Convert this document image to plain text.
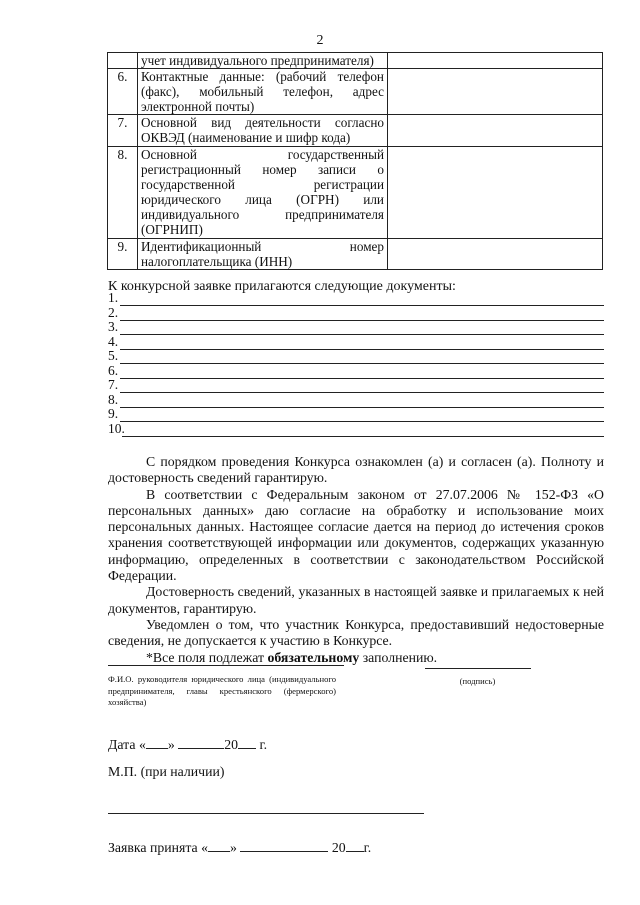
2
	учет индивидуального предпринимателя)	
6.	Контактные данные: (рабочий телефон (факс), мобильный телефон, адрес электронной почты)	
7.	Основной вид деятельности согласно ОКВЭД (наименование и шифр кода)	
8.	Основной государственный регистрационный номер записи о государственной регистрации юридического лица (ОГРН) или индивидуального предпринимателя (ОГРНИП)	
9.	Идентификационный номер налогоплательщика (ИНН)	
К конкурсной заявке прилагаются следующие документы:
1.
2.
3.
4.
5.
6.
7.
8.
9.
10.

С порядком проведения Конкурса ознакомлен (а) и согласен (а). Полноту и достоверность сведений гарантирую.

В соответствии с Федеральным законом от 27.07.2006 № 152-ФЗ «О персональных данных» даю согласие на обработку и использование моих персональных данных. Настоящее согласие дается на период до истечения сроков хранения соответствующей информации или документов, содержащих указанную информацию, определенных в соответствии с законодательством Российской Федерации.

Достоверность сведений, указанных в настоящей заявке и прилагаемых к ней документов, гарантирую.

Уведомлен о том, что участник Конкурса, предоставивший недостоверные сведения, не допускается к участию в Конкурсе.

*Все поля подлежат обязательному заполнению.

Ф.И.О. руководителя юридического лица (индивидуального предпринимателя, главы крестьянского (фермерского) хозяйства)
(подпись)
Дата « »	20 г.
М.П. (при наличии)
Заявка принята « »	20 г.
